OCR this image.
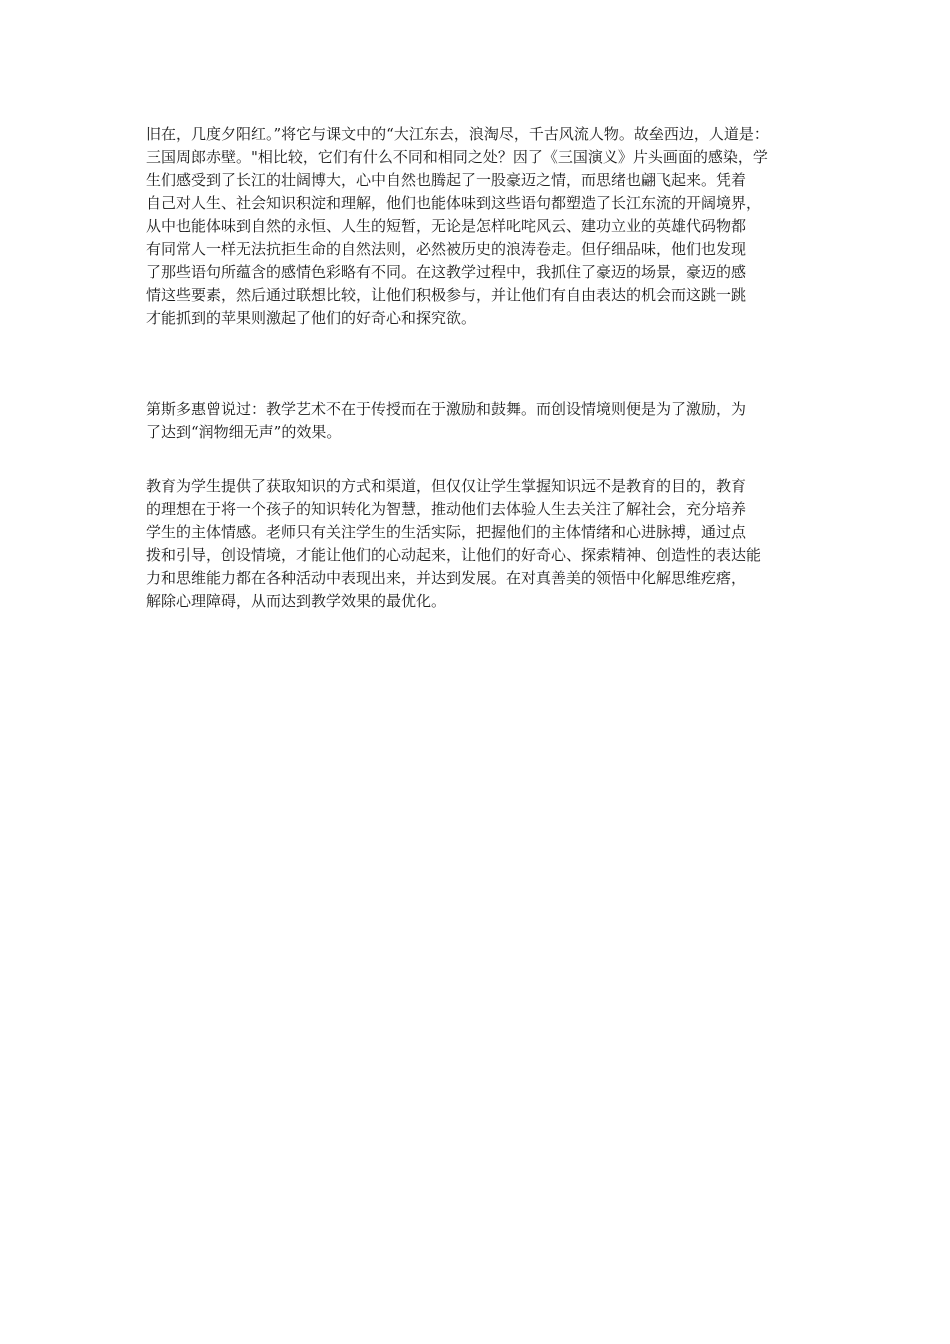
旧在，几度夕阳红。”将它与课文中的“大江东去，浪淘尽，千古风流人物。故垒西边，人道是：
三国周郎赤壁。"相比较，它们有什么不同和相同之处？因了《三国演义》片头画面的感染，学
生们感受到了长江的壮阔博大，心中自然也腾起了一股豪迈之情，而思绪也翩飞起来。凭着
自己对人生、社会知识积淀和理解，他们也能体味到这些语句都塑造了长江东流的开阔境界，
从中也能体味到自然的永恒、人生的短暂，无论是怎样叱咤风云、建功立业的英雄代码物都
有同常人一样无法抗拒生命的自然法则，必然被历史的浪涛卷走。但仔细品味，他们也发现
了那些语句所蕴含的感情色彩略有不同。在这教学过程中，我抓住了豪迈的场景，豪迈的感
情这些要素，然后通过联想比较，让他们积极参与，并让他们有自由表达的机会而这跳一跳
才能抓到的苹果则激起了他们的好奇心和探究欲。
第斯多惠曾说过：教学艺术不在于传授而在于激励和鼓舞。而创设情境则便是为了激励，为
了达到“润物细无声”的效果。
教育为学生提供了获取知识的方式和渠道，但仅仅让学生掌握知识远不是教育的目的，教育
的理想在于将一个孩子的知识转化为智慧，推动他们去体验人生去关注了解社会，充分培养
学生的主体情感。老师只有关注学生的生活实际，把握他们的主体情绪和心进脉搏，通过点
拨和引导，创设情境，才能让他们的心动起来，让他们的好奇心、探索精神、创造性的表达能
力和思维能力都在各种活动中表现出来，并达到发展。在对真善美的领悟中化解思维疙瘩，
解除心理障碍，从而达到教学效果的最优化。
